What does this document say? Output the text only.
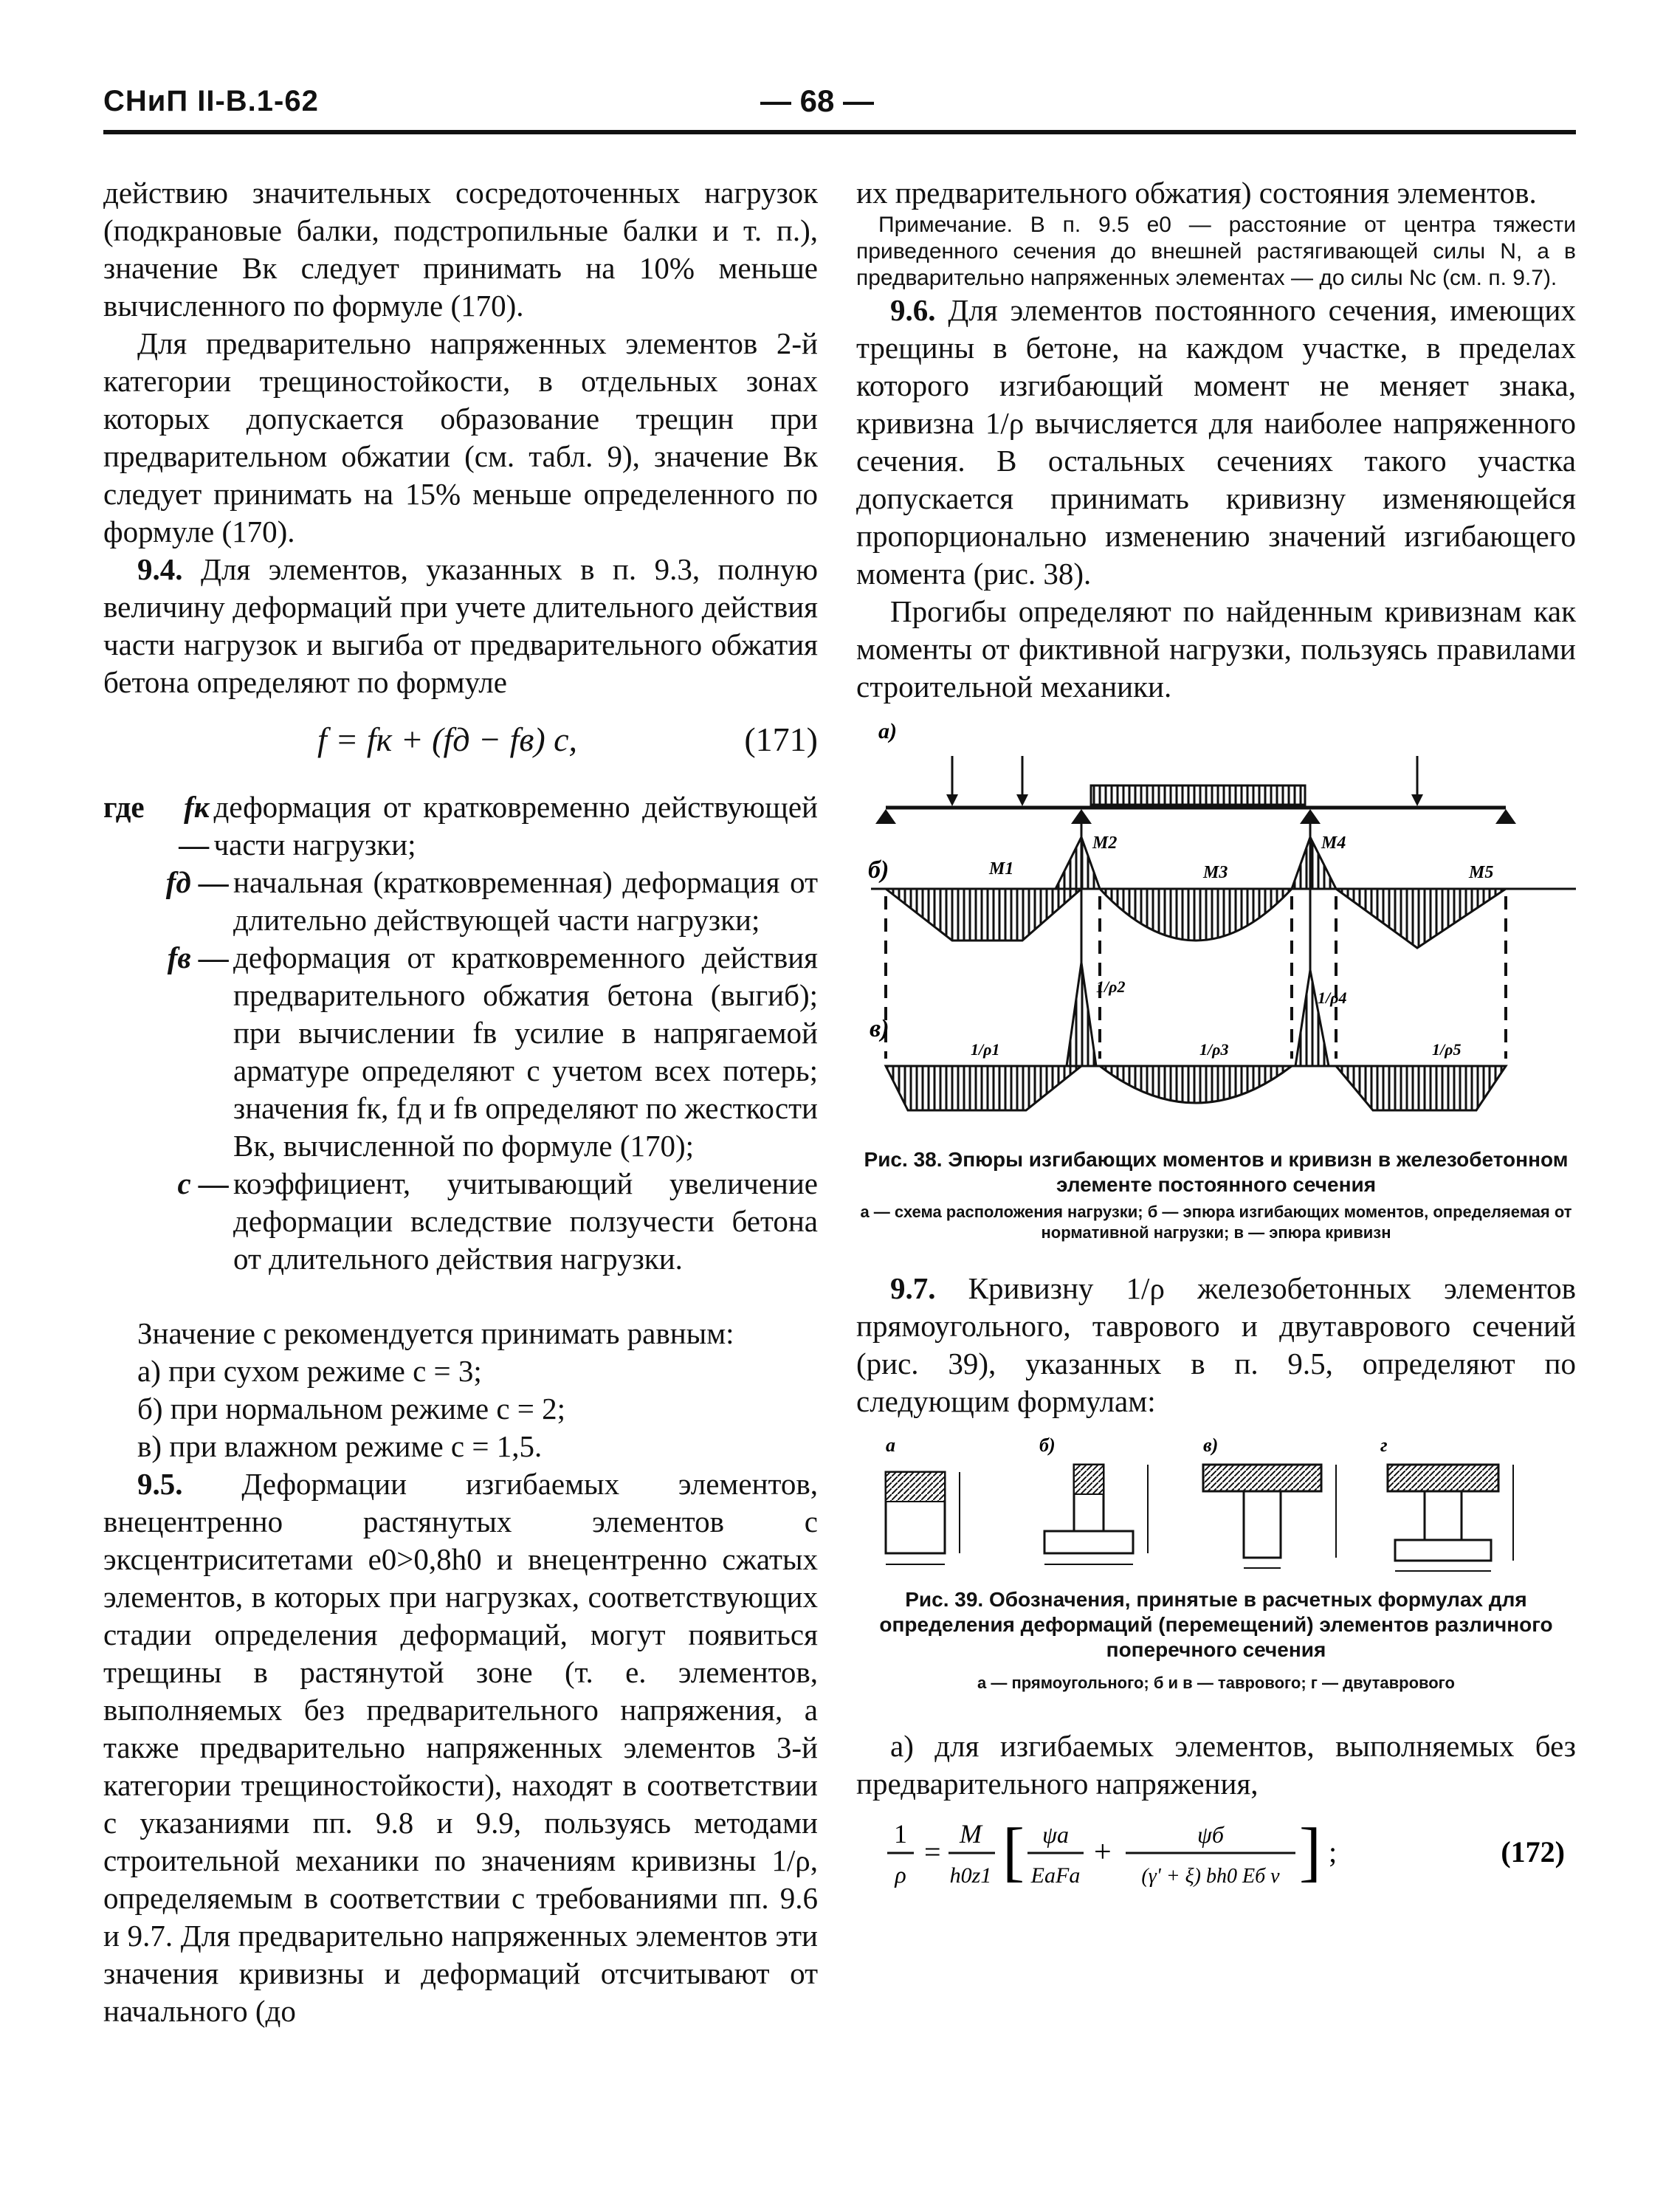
СНиП II-В.1-62	— 68 —

действию значительных сосредоточенных нагрузок (подкрановые балки, подстропильные балки и т. п.), значение Bк следует принимать на 10% меньше вычисленного по формуле (170).

Для предварительно напряженных элементов 2-й категории трещиностойкости, в отдельных зонах которых допускается образование трещин при предварительном обжатии (см. табл. 9), значение Bк следует принимать на 15% меньше определенного по формуле (170).

9.4. Для элементов, указанных в п. 9.3, полную величину деформаций при учете длительного действия части нагрузок и выгиба от предварительного обжатия бетона определяют по формуле

f = fк + (fд − fв) c,	(171)
где	fк —
деформация от кратковременно действующей части нагрузки;
fд — начальная (кратковременная) деформация от длительно действующей части нагрузки;
fв — деформация от кратковременного действия предварительного обжатия бетона (выгиб); при вычислении fв усилие в напрягаемой арматуре определяют с учетом всех потерь; значения fк, fд и fв определяют по жесткости Bк, вычисленной по формуле (170);
c — коэффициент, учитывающий увеличение деформации вследствие ползучести бетона от длительного действия нагрузки.

Значение c рекомендуется принимать равным:

а) при сухом режиме c = 3;

б) при нормальном режиме c = 2;

в) при влажном режиме c = 1,5.

9.5. Деформации изгибаемых элементов, внецентренно растянутых элементов с эксцентриситетами e0>0,8h0 и внецентренно сжатых элементов, в которых при нагрузках, соответствующих стадии определения деформаций, могут появиться трещины в растянутой зоне (т. е. элементов, выполняемых без предварительного напряжения, а также предварительно напряженных элементов 3-й категории трещиностойкости), находят в соответствии с указаниями пп. 9.8 и 9.9, пользуясь методами строительной механики по значениям кривизны 1/ρ, определяемым в соответствии с требованиями пп. 9.6 и 9.7. Для предварительно напряженных элементов эти значения кривизны и деформаций отсчитывают от начального (до

их предварительного обжатия) состояния элементов.

Примечание. В п. 9.5 e0 — расстояние от центра тяжести приведенного сечения до внешней растягивающей силы N, а в предварительно напряженных элементах — до силы Nс (см. п. 9.7).

9.6. Для элементов постоянного сечения, имеющих трещины в бетоне, на каждом участке, в пределах которого изгибающий момент не меняет знака, кривизна 1/ρ вычисляется для наиболее напряженного сечения. В остальных сечениях такого участка допускается принимать кривизну изменяющейся пропорционально изменению значений изгибающего момента (рис. 38).

Прогибы определяют по найденным кривизнам как моменты от фиктивной нагрузки, пользуясь правилами строительной механики.

а)
б)	M1
M2
M3
M4
M5
в)
1/ρ1
1/ρ2
1/ρ3
1/ρ4
1/ρ5
Рис. 38. Эпюры изгибающих моментов и кривизн в железобетонном элементе постоянного сечения
а — схема расположения нагрузки; б — эпюра изгибающих моментов, определяемая от нормативной нагрузки; в — эпюра кривизн

9.7. Кривизну 1/ρ железобетонных элементов прямоугольного, таврового и двутаврового сечений (рис. 39), указанных в п. 9.5, определяют по следующим формулам:

а	б)	в)	г
Рис. 39. Обозначения, принятые в расчетных формулах для определения деформаций (перемещений) элементов различного поперечного сечения
а — прямоугольного; б и в — таврового; г — двутаврового

а) для изгибаемых элементов, выполняемых без предварительного напряжения,

1
ρ
=
M
h0z1 [ ψа
EаFа
+
ψб
(γ' + ξ) bh0 Eб ν ] ;	(172)
